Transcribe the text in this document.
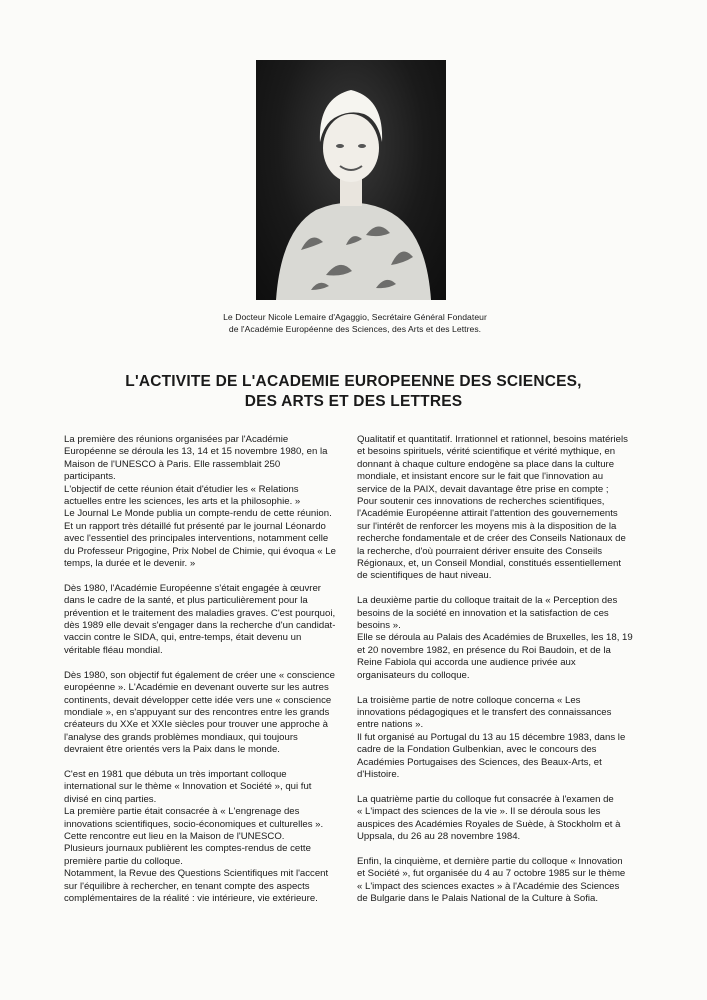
Le Docteur Nicole Lemaire d'Agaggio, Secrétaire Général Fondateur
de l'Académie Européenne des Sciences, des Arts et des Lettres.
L'ACTIVITE DE L'ACADEMIE EUROPEENNE DES SCIENCES,
DES ARTS ET DES LETTRES

La première des réunions organisées par l'Académie
Européenne se déroula les 13, 14 et 15 novembre 1980, en la
Maison de l'UNESCO à Paris. Elle rassemblait 250
participants.
L'objectif de cette réunion était d'étudier les « Relations
actuelles entre les sciences, les arts et la philosophie. »
Le Journal Le Monde publia un compte-rendu de cette réunion.
Et un rapport très détaillé fut présenté par le journal Léonardo
avec l'essentiel des principales interventions, notamment celle
du Professeur Prigogine, Prix Nobel de Chimie, qui évoqua « Le
temps, la durée et le devenir. »

Dès 1980, l'Académie Européenne s'était engagée à œuvrer
dans le cadre de la santé, et plus particulièrement pour la
prévention et le traitement des maladies graves. C'est pourquoi,
dès 1989 elle devait s'engager dans la recherche d'un candidat-
vaccin contre le SIDA, qui, entre-temps, était devenu un
véritable fléau mondial.

Dès 1980, son objectif fut également de créer une « conscience
européenne ». L'Académie en devenant ouverte sur les autres
continents, devait développer cette idée vers une « conscience
mondiale », en s'appuyant sur des rencontres entre les grands
créateurs du XXe et XXIe siècles pour trouver une approche à
l'analyse des grands problèmes mondiaux, qui toujours
devraient être orientés vers la Paix dans le monde.

C'est en 1981 que débuta un très important colloque
international sur le thème « Innovation et Société », qui fut
divisé en cinq parties.
La première partie était consacrée à « L'engrenage des
innovations scientifiques, socio-économiques et culturelles ».
Cette rencontre eut lieu en la Maison de l'UNESCO.
Plusieurs journaux publièrent les comptes-rendus de cette
première partie du colloque.
Notamment, la Revue des Questions Scientifiques mit l'accent
sur l'équilibre à rechercher, en tenant compte des aspects
complémentaires de la réalité : vie intérieure, vie extérieure.

Qualitatif et quantitatif. Irrationnel et rationnel, besoins matériels
et besoins spirituels, vérité scientifique et vérité mythique, en
donnant à chaque culture endogène sa place dans la culture
mondiale, et insistant encore sur le fait que l'innovation au
service de la PAIX, devait davantage être prise en compte ;
Pour soutenir ces innovations de recherches scientifiques,
l'Académie Européenne attirait l'attention des gouvernements
sur l'intérêt de renforcer les moyens mis à la disposition de la
recherche fondamentale et de créer des Conseils Nationaux de
la recherche, d'où pourraient dériver ensuite des Conseils
Régionaux, et, un Conseil Mondial, constitués essentiellement
de scientifiques de haut niveau.

La deuxième partie du colloque traitait de la « Perception des
besoins de la société en innovation et la satisfaction de ces
besoins ».
Elle se déroula au Palais des Académies de Bruxelles, les 18, 19
et 20 novembre 1982, en présence du Roi Baudoin, et de la
Reine Fabiola qui accorda une audience privée aux
organisateurs du colloque.

La troisième partie de notre colloque concerna « Les
innovations pédagogiques et le transfert des connaissances
entre nations ».
Il fut organisé au Portugal du 13 au 15 décembre 1983, dans le
cadre de la Fondation Gulbenkian, avec le concours des
Académies Portugaises des Sciences, des Beaux-Arts, et
d'Histoire.

La quatrième partie du colloque fut consacrée à l'examen de
« L'impact des sciences de la vie ». Il se déroula sous les
auspices des Académies Royales de Suède, à Stockholm et à
Uppsala, du 26 au 28 novembre 1984.

Enfin, la cinquième, et dernière partie du colloque « Innovation
et Société », fut organisée du 4 au 7 octobre 1985 sur le thème
« L'impact des sciences exactes » à l'Académie des Sciences
de Bulgarie dans le Palais National de la Culture à Sofia.
